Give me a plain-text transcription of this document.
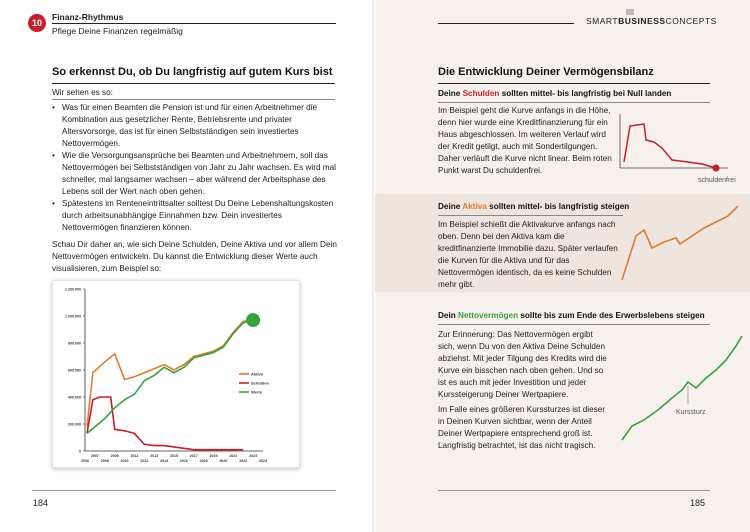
10
Finanz-Rhythmus
Pflege Deine Finanzen regelmäßig
So erkennst Du, ob Du langfristig auf gutem Kurs bist
Wir sehen es so:
• Was für einen Beamten die Pension ist und für einen Arbeitnehmer die Kombination aus gesetzlicher Rente, Betriebsrente und privater Altersvorsorge, das ist für einen Selbstständigen sein investiertes Nettovermögen.
• Wie die Versorgungsansprüche bei Beamten und Arbeitnehmern, soll das Nettovermögen bei Selbstständigen von Jahr zu Jahr wachsen. Es wird mal schneller, mal langsamer wachsen – aber während der Arbeitsphase des Lebens soll der Wert nach oben gehen.
• Spätestens im Renteneintrittsalter solltest Du Deine Lebenshaltungskosten durch arbeitsunabhängige Einnahmen bzw. Dein investiertes Nettovermögen finanzieren können.
Schau Dir daher an, wie sich Deine Schulden, Deine Aktiva und vor allem Dein Nettovermögen entwickeln. Du kannst die Entwicklung dieser Werte auch visualisieren, zum Beispiel so:
0
200.000
400.000
600.000
800.000
1.000.000
1.200.000
2007	2009	2011	2013	2015	2017	2019	2021	2023
2006	2008	2010	2012	2014	2016	2018	2020	2022	2024
Aktiva
Schulden
Werte
184
SMARTBUSINESSCONCEPTS
Die Entwicklung Deiner Vermögensbilanz
Deine Schulden sollten mittel- bis langfristig bei Null landen
Im Beispiel geht die Kurve anfangs in die Höhe, denn hier wurde eine Kreditfinanzierung für ein Haus abgeschlossen. Im weiteren Verlauf wird der Kredit getilgt, auch mit Sondertilgungen. Daher verläuft die Kurve nicht linear. Beim roten Punkt warst Du schuldenfrei.
schuldenfrei
Deine Aktiva sollten mittel- bis langfristig steigen
Im Beispiel schießt die Aktivakurve anfangs nach oben. Denn bei den Aktiva kam die kreditfinanzierte Immobilie dazu. Später verlaufen die Kurven für die Aktiva und für das Nettovermögen identisch, da es keine Schulden mehr gibt.
Dein Nettovermögen sollte bis zum Ende des Erwerbslebens steigen
Zur Erinnerung: Das Nettovermögen ergibt sich, wenn Du von den Aktiva Deine Schulden abziehst. Mit jeder Tilgung des Kredits wird die Kurve ein bisschen nach oben gehen. Und so ist es auch mit jeder Investition und jeder Kurssteigerung Deiner Wertpapiere.
Im Falle eines größeren Kurssturzes ist dieser in Deinen Kurven sichtbar, wenn der Anteil Deiner Wertpapiere entsprechend groß ist. Langfristig betrachtet, ist das nicht tragisch.
Kurssturz
185
